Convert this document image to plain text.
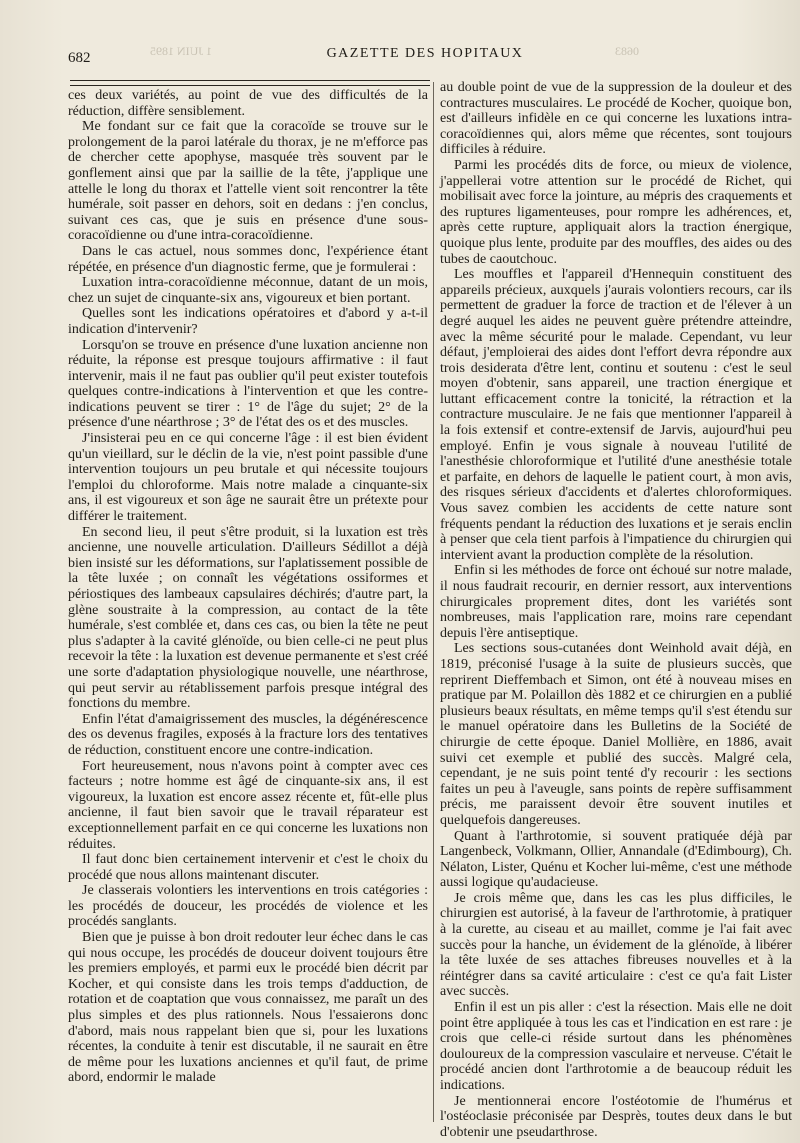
682	1 JUIN 1895	GAZETTE DES HOPITAUX	0683

ces deux variétés, au point de vue des difficultés de la réduction, diffère sensiblement.

Me fondant sur ce fait que la coracoïde se trouve sur le prolongement de la paroi latérale du thorax, je ne m'efforce pas de chercher cette apophyse, masquée très souvent par le gonflement ainsi que par la saillie de la tête, j'applique une attelle le long du thorax et l'attelle vient soit rencontrer la tête humérale, soit passer en dehors, soit en dedans : j'en conclus, suivant ces cas, que je suis en présence d'une sous-coracoïdienne ou d'une intra-coracoïdienne.

Dans le cas actuel, nous sommes donc, l'expérience étant répétée, en présence d'un diagnostic ferme, que je formulerai :

Luxation intra-coracoïdienne méconnue, datant de un mois, chez un sujet de cinquante-six ans, vigoureux et bien portant.

Quelles sont les indications opératoires et d'abord y a-t-il indication d'intervenir?

Lorsqu'on se trouve en présence d'une luxation ancienne non réduite, la réponse est presque toujours affirmative : il faut intervenir, mais il ne faut pas oublier qu'il peut exister toutefois quelques contre-indications à l'intervention et que les contre-indications peuvent se tirer : 1° de l'âge du sujet; 2° de la présence d'une néarthrose ; 3° de l'état des os et des muscles.

J'insisterai peu en ce qui concerne l'âge : il est bien évident qu'un vieillard, sur le déclin de la vie, n'est point passible d'une intervention toujours un peu brutale et qui nécessite toujours l'emploi du chloroforme. Mais notre malade a cinquante-six ans, il est vigoureux et son âge ne saurait être un prétexte pour différer le traitement.

En second lieu, il peut s'être produit, si la luxation est très ancienne, une nouvelle articulation. D'ailleurs Sédillot a déjà bien insisté sur les déformations, sur l'aplatissement possible de la tête luxée ; on connaît les végétations ossiformes et périostiques des lambeaux capsulaires déchirés; d'autre part, la glène soustraite à la compression, au contact de la tête humérale, s'est comblée et, dans ces cas, ou bien la tête ne peut plus s'adapter à la cavité glénoïde, ou bien celle-ci ne peut plus recevoir la tête : la luxation est devenue permanente et s'est créé une sorte d'adaptation physiologique nouvelle, une néarthrose, qui peut servir au rétablissement parfois presque intégral des fonctions du membre.

Enfin l'état d'amaigrissement des muscles, la dégénérescence des os devenus fragiles, exposés à la fracture lors des tentatives de réduction, constituent encore une contre-indication.

Fort heureusement, nous n'avons point à compter avec ces facteurs ; notre homme est âgé de cinquante-six ans, il est vigoureux, la luxation est encore assez récente et, fût-elle plus ancienne, il faut bien savoir que le travail réparateur est exceptionnellement parfait en ce qui concerne les luxations non réduites.

Il faut donc bien certainement intervenir et c'est le choix du procédé que nous allons maintenant discuter.

Je classerais volontiers les interventions en trois catégories : les procédés de douceur, les procédés de violence et les procédés sanglants.

Bien que je puisse à bon droit redouter leur échec dans le cas qui nous occupe, les procédés de douceur doivent toujours être les premiers employés, et parmi eux le procédé bien décrit par Kocher, et qui consiste dans les trois temps d'adduction, de rotation et de coaptation que vous connaissez, me paraît un des plus simples et des plus rationnels. Nous l'essaierons donc d'abord, mais nous rappelant bien que si, pour les luxations récentes, la conduite à tenir est discutable, il ne saurait en être de même pour les luxations anciennes et qu'il faut, de prime abord, endormir le malade

au double point de vue de la suppression de la douleur et des contractures musculaires. Le procédé de Kocher, quoique bon, est d'ailleurs infidèle en ce qui concerne les luxations intra-coracoïdiennes qui, alors même que récentes, sont toujours difficiles à réduire.

Parmi les procédés dits de force, ou mieux de violence, j'appellerai votre attention sur le procédé de Richet, qui mobilisait avec force la jointure, au mépris des craquements et des ruptures ligamenteuses, pour rompre les adhérences, et, après cette rupture, appliquait alors la traction énergique, quoique plus lente, produite par des mouffles, des aides ou des tubes de caoutchouc.

Les mouffles et l'appareil d'Hennequin constituent des appareils précieux, auxquels j'aurais volontiers recours, car ils permettent de graduer la force de traction et de l'élever à un degré auquel les aides ne peuvent guère prétendre atteindre, avec la même sécurité pour le malade. Cependant, vu leur défaut, j'emploierai des aides dont l'effort devra répondre aux trois desiderata d'être lent, continu et soutenu : c'est le seul moyen d'obtenir, sans appareil, une traction énergique et luttant efficacement contre la tonicité, la rétraction et la contracture musculaire. Je ne fais que mentionner l'appareil à la fois extensif et contre-extensif de Jarvis, aujourd'hui peu employé. Enfin je vous signale à nouveau l'utilité de l'anesthésie chloroformique et l'utilité d'une anesthésie totale et parfaite, en dehors de laquelle le patient court, à mon avis, des risques sérieux d'accidents et d'alertes chloroformiques. Vous savez combien les accidents de cette nature sont fréquents pendant la réduction des luxations et je serais enclin à penser que cela tient parfois à l'impatience du chirurgien qui intervient avant la production complète de la résolution.

Enfin si les méthodes de force ont échoué sur notre malade, il nous faudrait recourir, en dernier ressort, aux interventions chirurgicales proprement dites, dont les variétés sont nombreuses, mais l'application rare, moins rare cependant depuis l'ère antiseptique.

Les sections sous-cutanées dont Weinhold avait déjà, en 1819, préconisé l'usage à la suite de plusieurs succès, que reprirent Dieffembach et Simon, ont été à nouveau mises en pratique par M. Polaillon dès 1882 et ce chirurgien en a publié plusieurs beaux résultats, en même temps qu'il s'est étendu sur le manuel opératoire dans les Bulletins de la Société de chirurgie de cette époque. Daniel Mollière, en 1886, avait suivi cet exemple et publié des succès. Malgré cela, cependant, je ne suis point tenté d'y recourir : les sections faites un peu à l'aveugle, sans points de repère suffisamment précis, me paraissent devoir être souvent inutiles et quelquefois dangereuses.

Quant à l'arthrotomie, si souvent pratiquée déjà par Langenbeck, Volkmann, Ollier, Annandale (d'Edimbourg), Ch. Nélaton, Lister, Quénu et Kocher lui-même, c'est une méthode aussi logique qu'audacieuse.

Je crois même que, dans les cas les plus difficiles, le chirurgien est autorisé, à la faveur de l'arthrotomie, à pratiquer à la curette, au ciseau et au maillet, comme je l'ai fait avec succès pour la hanche, un évidement de la glénoïde, à libérer la tête luxée de ses attaches fibreuses nouvelles et à la réintégrer dans sa cavité articulaire : c'est ce qu'a fait Lister avec succès.

Enfin il est un pis aller : c'est la résection. Mais elle ne doit point être appliquée à tous les cas et l'indication en est rare : je crois que celle-ci réside surtout dans les phénomènes douloureux de la compression vasculaire et nerveuse. C'était le procédé ancien dont l'arthrotomie a de beaucoup réduit les indications.

Je mentionnerai encore l'ostéotomie de l'humérus et l'ostéoclasie préconisée par Desprès, toutes deux dans le but d'obtenir une pseudarthrose.
